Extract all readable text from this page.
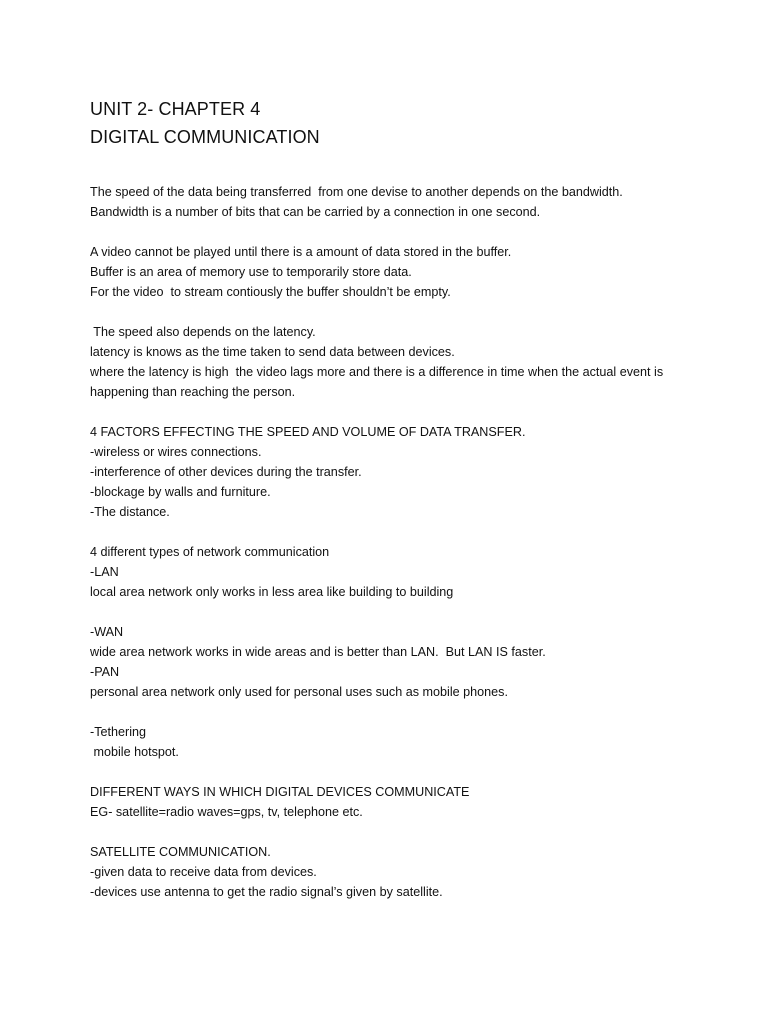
UNIT 2- CHAPTER 4
DIGITAL COMMUNICATION
The speed of the data being transferred  from one devise to another depends on the bandwidth.
Bandwidth is a number of bits that can be carried by a connection in one second.
A video cannot be played until there is a amount of data stored in the buffer.
Buffer is an area of memory use to temporarily store data.
For the video  to stream contiously the buffer shouldn’t be empty.
The speed also depends on the latency.
latency is knows as the time taken to send data between devices.
where the latency is high  the video lags more and there is a difference in time when the actual event is
happening than reaching the person.
4 FACTORS EFFECTING THE SPEED AND VOLUME OF DATA TRANSFER.
-wireless or wires connections.
-interference of other devices during the transfer.
-blockage by walls and furniture.
-The distance.
4 different types of network communication
-LAN
local area network only works in less area like building to building
-WAN
wide area network works in wide areas and is better than LAN.  But LAN IS faster.
-PAN
personal area network only used for personal uses such as mobile phones.
-Tethering
mobile hotspot.
DIFFERENT WAYS IN WHICH DIGITAL DEVICES COMMUNICATE
EG- satellite=radio waves=gps, tv, telephone etc.
SATELLITE COMMUNICATION.
-given data to receive data from devices.
-devices use antenna to get the radio signal’s given by satellite.
